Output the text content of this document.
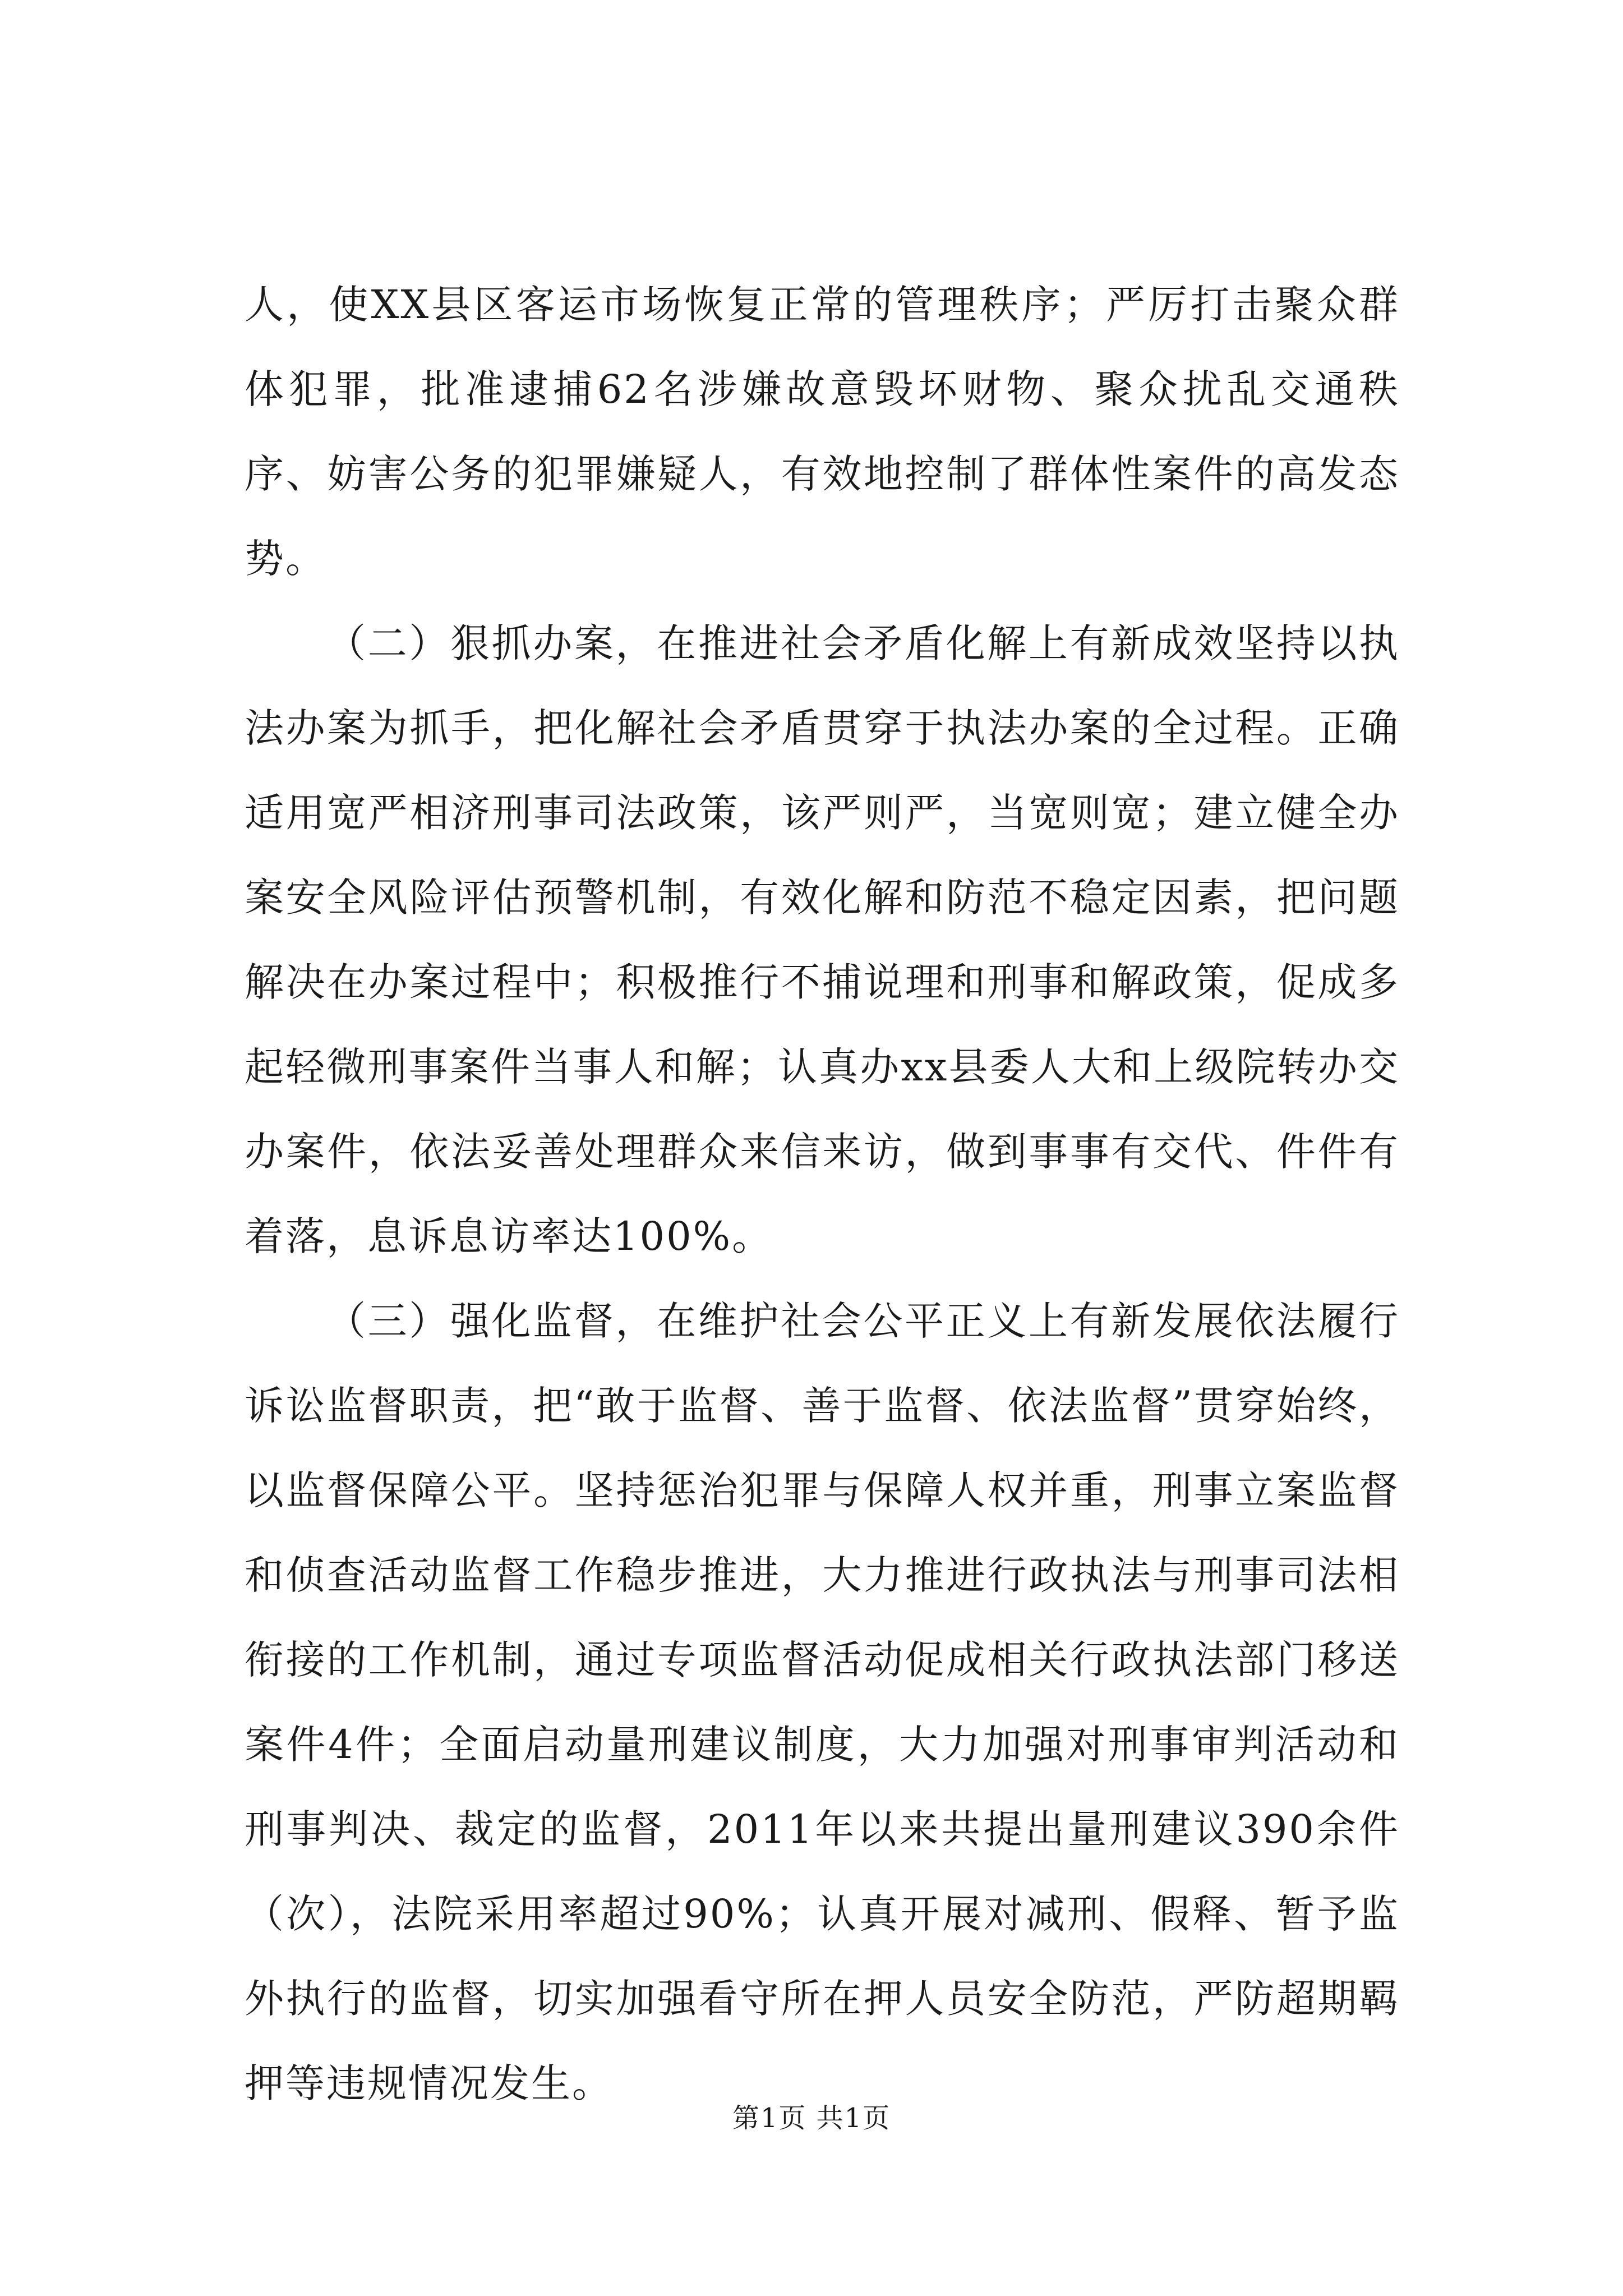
人，使XX县区客运市场恢复正常的管理秩序；严厉打击聚众群体犯罪，批准逮捕62名涉嫌故意毁坏财物、聚众扰乱交通秩序、妨害公务的犯罪嫌疑人，有效地控制了群体性案件的高发态势。

（二）狠抓办案，在推进社会矛盾化解上有新成效坚持以执法办案为抓手，把化解社会矛盾贯穿于执法办案的全过程。正确适用宽严相济刑事司法政策，该严则严，当宽则宽；建立健全办案安全风险评估预警机制，有效化解和防范不稳定因素，把问题解决在办案过程中；积极推行不捕说理和刑事和解政策，促成多起轻微刑事案件当事人和解；认真办xx县委人大和上级院转办交办案件，依法妥善处理群众来信来访，做到事事有交代、件件有着落，息诉息访率达100%。

（三）强化监督，在维护社会公平正义上有新发展依法履行诉讼监督职责，把“敢于监督、善于监督、依法监督”贯穿始终，以监督保障公平。坚持惩治犯罪与保障人权并重，刑事立案监督和侦查活动监督工作稳步推进，大力推进行政执法与刑事司法相衔接的工作机制，通过专项监督活动促成相关行政执法部门移送案件4件；全面启动量刑建议制度，大力加强对刑事审判活动和刑事判决、裁定的监督，2011年以来共提出量刑建议390余件（次），法院采用率超过90%；认真开展对减刑、假释、暂予监外执行的监督，切实加强看守所在押人员安全防范，严防超期羁押等违规情况发生。

第1页 共1页
